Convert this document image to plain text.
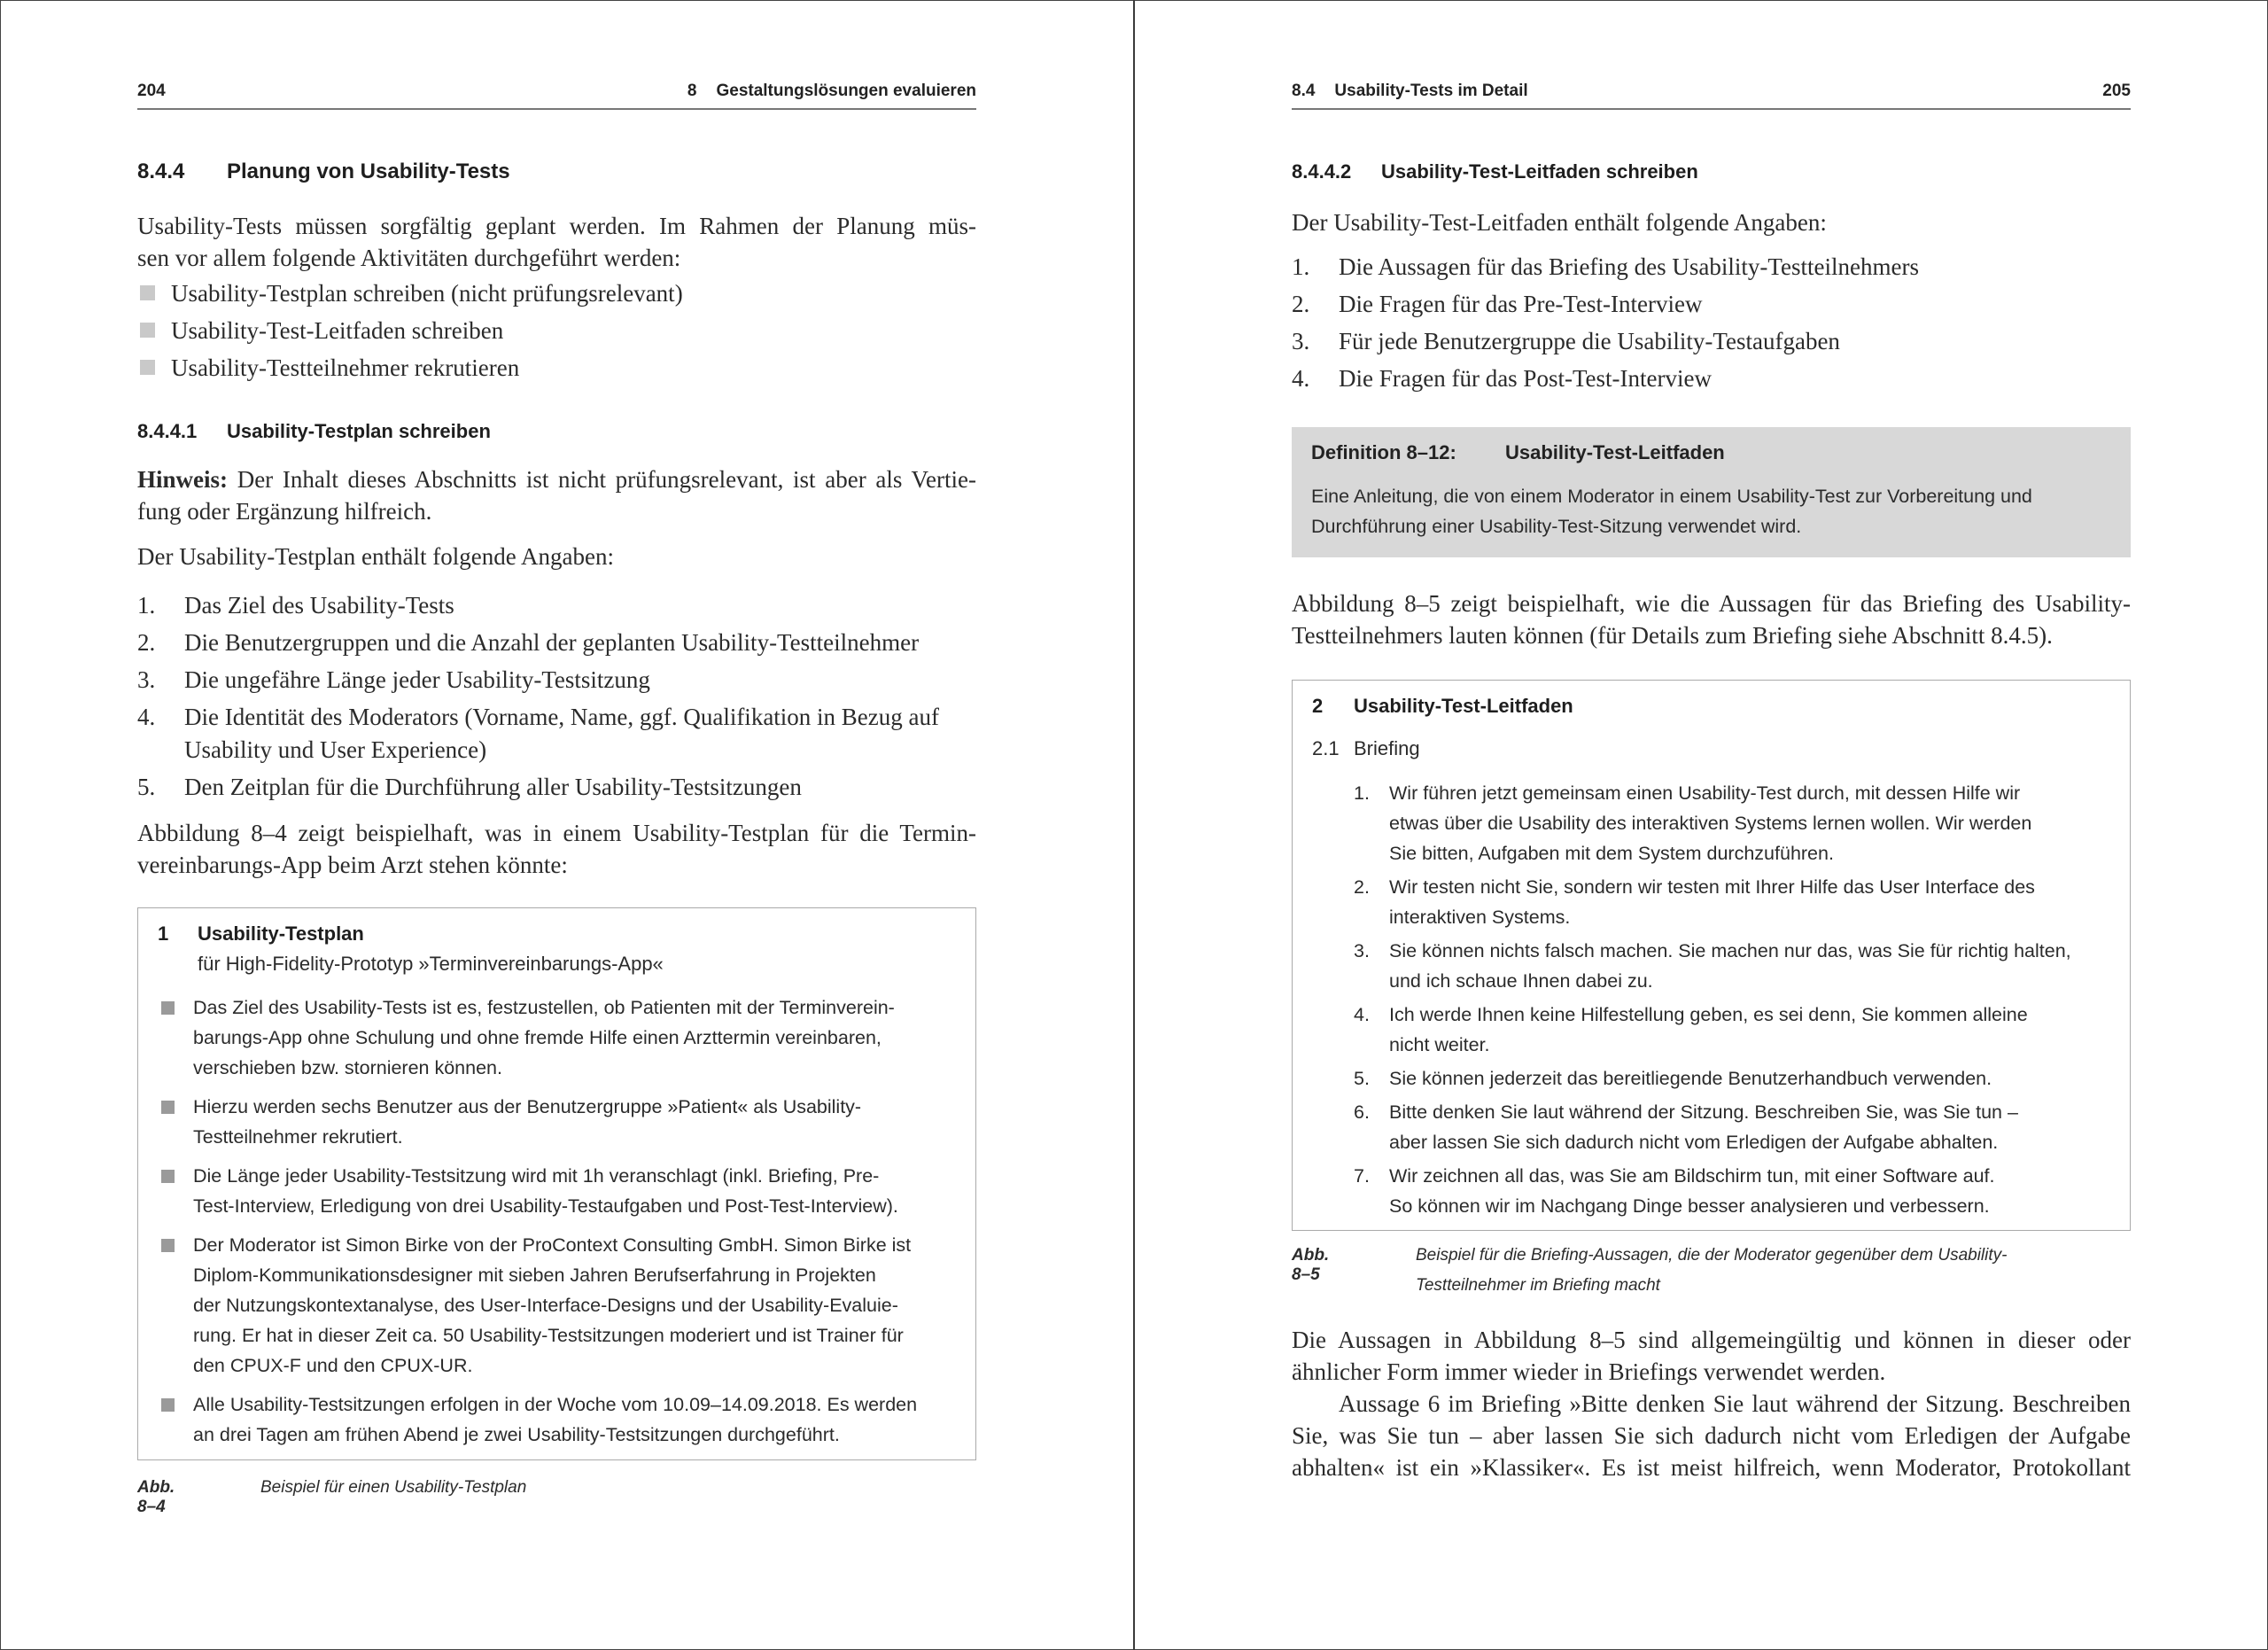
204	8 Gestaltungslösungen evaluieren
8.4.4 Planung von Usability-Tests
Usability-Tests müssen sorgfältig geplant werden. Im Rahmen der Planung müs-
sen vor allem folgende Aktivitäten durchgeführt werden:
Usability-Testplan schreiben (nicht prüfungsrelevant)
Usability-Test-Leitfaden schreiben
Usability-Testteilnehmer rekrutieren
8.4.4.1 Usability-Testplan schreiben
Hinweis: Der Inhalt dieses Abschnitts ist nicht prüfungsrelevant, ist aber als Vertie-
fung oder Ergänzung hilfreich.
Der Usability-Testplan enthält folgende Angaben:
1. Das Ziel des Usability-Tests
2. Die Benutzergruppen und die Anzahl der geplanten Usability-Testteilnehmer
3. Die ungefähre Länge jeder Usability-Testsitzung
4. Die Identität des Moderators (Vorname, Name, ggf. Qualifikation in Bezug auf
Usability und User Experience)
5. Den Zeitplan für die Durchführung aller Usability-Testsitzungen
Abbildung 8–4 zeigt beispielhaft, was in einem Usability-Testplan für die Termin-
vereinbarungs-App beim Arzt stehen könnte:
1 Usability-Testplan
für High-Fidelity-Prototyp »Terminvereinbarungs-App«
Das Ziel des Usability-Tests ist es, festzustellen, ob Patienten mit der Terminverein-
barungs-App ohne Schulung und ohne fremde Hilfe einen Arzttermin vereinbaren,
verschieben bzw. stornieren können.
Hierzu werden sechs Benutzer aus der Benutzergruppe »Patient« als Usability-
Testteilnehmer rekrutiert.
Die Länge jeder Usability-Testsitzung wird mit 1h veranschlagt (inkl. Briefing, Pre-
Test-Interview, Erledigung von drei Usability-Testaufgaben und Post-Test-Interview).
Der Moderator ist Simon Birke von der ProContext Consulting GmbH. Simon Birke ist
Diplom-Kommunikationsdesigner mit sieben Jahren Berufserfahrung in Projekten
der Nutzungskontextanalyse, des User-Interface-Designs und der Usability-Evaluie-
rung. Er hat in dieser Zeit ca. 50 Usability-Testsitzungen moderiert und ist Trainer für
den CPUX-F und den CPUX-UR.
Alle Usability-Testsitzungen erfolgen in der Woche vom 10.09–14.09.2018. Es werden
an drei Tagen am frühen Abend je zwei Usability-Testsitzungen durchgeführt.
Abb. 8–4
Beispiel für einen Usability-Testplan
8.4 Usability-Tests im Detail	205
8.4.4.2 Usability-Test-Leitfaden schreiben
Der Usability-Test-Leitfaden enthält folgende Angaben:
1. Die Aussagen für das Briefing des Usability-Testteilnehmers
2. Die Fragen für das Pre-Test-Interview
3. Für jede Benutzergruppe die Usability-Testaufgaben
4. Die Fragen für das Post-Test-Interview
Definition 8–12:	Usability-Test-Leitfaden
Eine Anleitung, die von einem Moderator in einem Usability-Test zur Vorbereitung und
Durchführung einer Usability-Test-Sitzung verwendet wird.
Abbildung 8–5 zeigt beispielhaft, wie die Aussagen für das Briefing des Usability-
Testteilnehmers lauten können (für Details zum Briefing siehe Abschnitt 8.4.5).
2 Usability-Test-Leitfaden
2.1 Briefing
1. Wir führen jetzt gemeinsam einen Usability-Test durch, mit dessen Hilfe wir
etwas über die Usability des interaktiven Systems lernen wollen. Wir werden
Sie bitten, Aufgaben mit dem System durchzuführen.
2. Wir testen nicht Sie, sondern wir testen mit Ihrer Hilfe das User Interface des
interaktiven Systems.
3. Sie können nichts falsch machen. Sie machen nur das, was Sie für richtig halten,
und ich schaue Ihnen dabei zu.
4. Ich werde Ihnen keine Hilfestellung geben, es sei denn, Sie kommen alleine
nicht weiter.
5. Sie können jederzeit das bereitliegende Benutzerhandbuch verwenden.
6. Bitte denken Sie laut während der Sitzung. Beschreiben Sie, was Sie tun –
aber lassen Sie sich dadurch nicht vom Erledigen der Aufgabe abhalten.
7. Wir zeichnen all das, was Sie am Bildschirm tun, mit einer Software auf.
So können wir im Nachgang Dinge besser analysieren und verbessern.
Abb. 8–5
Beispiel für die Briefing-Aussagen, die der Moderator gegenüber dem Usability-
Testteilnehmer im Briefing macht
Die Aussagen in Abbildung 8–5 sind allgemeingültig und können in dieser oder
ähnlicher Form immer wieder in Briefings verwendet werden.
Aussage 6 im Briefing »Bitte denken Sie laut während der Sitzung. Beschreiben
Sie, was Sie tun – aber lassen Sie sich dadurch nicht vom Erledigen der Aufgabe
abhalten« ist ein »Klassiker«. Es ist meist hilfreich, wenn Moderator, Protokollant
